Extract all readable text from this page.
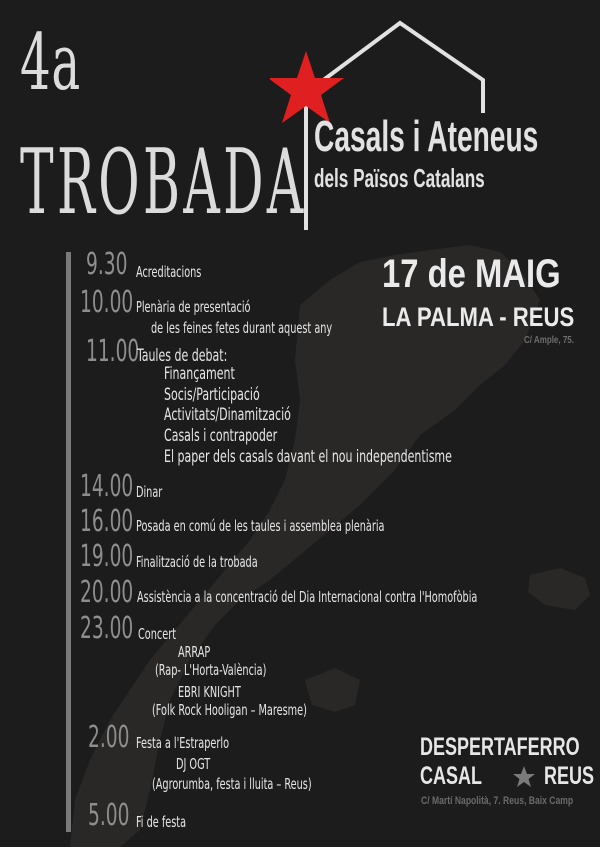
4a
TROBADA Casals i Ateneus
dels Països Catalans
17 de MAIG
LA PALMA - REUS
C/ Ample, 75.
9.30 Acreditacions
10.00 Plenària de presentació
de les feines fetes durant aquest any
11.00
Taules de debat:
Finançament
Socis/Participació
Activitats/Dinamització
Casals i contrapoder
El paper dels casals davant el nou independentisme
14.00 Dinar
16.00 Posada en comú de les taules i assemblea plenària
19.00 Finalització de la trobada
20.00 Assistència a la concentració del Dia Internacional contra l'Homofòbia
23.00 Concert
ARRAP
(Rap- L'Horta-València)
EBRI KNIGHT
(Folk Rock Hooligan – Maresme)
2.00 Festa a l'Estraperlo
DJ OGT
(Agrorumba, festa i lluita – Reus)
5.00 Fi de festa
DESPERTAFERRO
CASAL REUS
C/ Martí Napolità, 7. Reus, Baix Camp
